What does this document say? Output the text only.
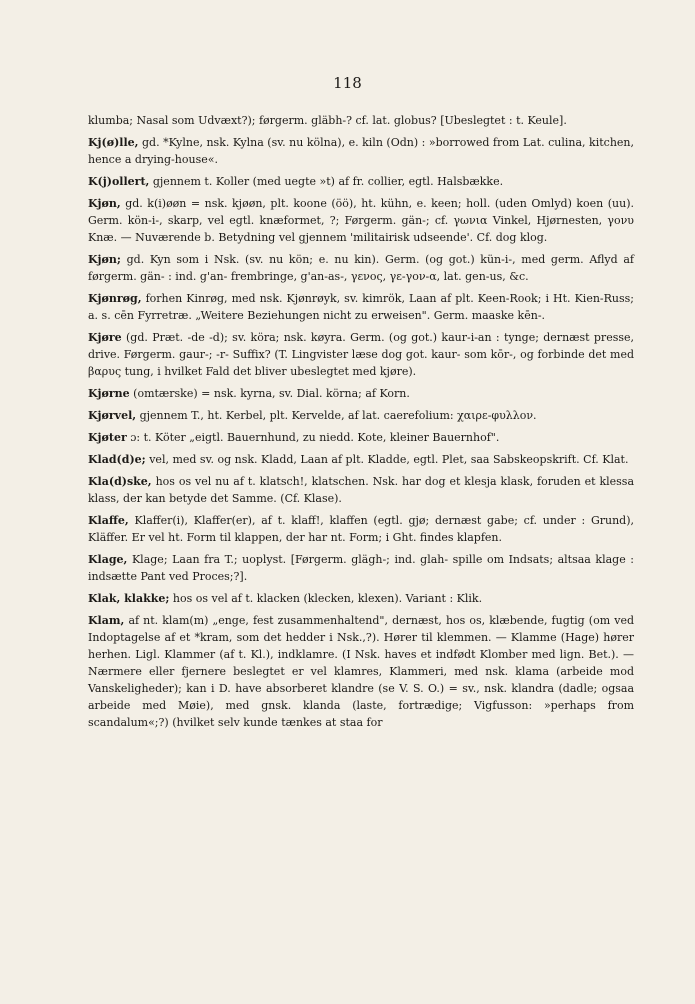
118

klumba; Nasal som Udvæxt?); førgerm. gläbh-? cf. lat. globus? [Ubeslegtet : t. Keule].

Kj(ø)lle, gd. *Kylne, nsk. Kylna (sv. nu kölna), e. kiln (Odn) : »borrowed from Lat. culina, kitchen, hence a drying-house«.

K(j)ollert, gjennem t. Koller (med uegte »t) af fr. collier, egtl. Halsbække.

Kjøn, gd. k(i)øøn = nsk. kjøøn, plt. koone (öö), ht. kühn, e. keen; holl. (uden Omlyd) koen (uu). Germ. kön-i-, skarp, vel egtl. knæformet, ?; Førgerm. gän-; cf. γωνια Vinkel, Hjørnesten, γονυ Knæ. — Nuværende b. Betydning vel gjennem 'militairisk udseende'. Cf. dog klog.

Kjøn; gd. Kyn som i Nsk. (sv. nu kön; e. nu kin). Germ. (og got.) kün-i-, med germ. Aflyd af førgerm. gän- : ind. g'an- frembringe, g'an-as-, γενος, γε-γον-α, lat. gen-us, &c.

Kjønrøg, forhen Kinrøg, med nsk. Kjønrøyk, sv. kimrök, Laan af plt. Keen-Rook; i Ht. Kien-Russ; a. s. cēn Fyrretræ. „Weitere Beziehungen nicht zu erweisen". Germ. maaske kēn-.

Kjøre (gd. Præt. -de -d); sv. köra; nsk. køyra. Germ. (og got.) kaur-i-an : tynge; dernæst presse, drive. Førgerm. gaur-; -r- Suffix? (T. Lingvister læse dog got. kaur- som kōr-, og forbinde det med βαρυς tung, i hvilket Fald det bliver ubeslegtet med kjøre).

Kjørne (omtærske) = nsk. kyrna, sv. Dial. körna; af Korn.

Kjørvel, gjennem T., ht. Kerbel, plt. Kervelde, af lat. caerefolium: χαιρε-φυλλον.

Kjøter ɔ: t. Köter „eigtl. Bauernhund, zu niedd. Kote, kleiner Bauernhof".

Klad(d)e; vel, med sv. og nsk. Kladd, Laan af plt. Kladde, egtl. Plet, saa Sabskeopskrift. Cf. Klat.

Kla(d)ske, hos os vel nu af t. klatsch!, klatschen. Nsk. har dog et klesja klask, foruden et klessa klass, der kan betyde det Samme. (Cf. Klase).

Klaffe, Klaffer(i), Klaffer(er), af t. klaff!, klaffen (egtl. gjø; dernæst gabe; cf. under : Grund), Kläffer. Er vel ht. Form til klappen, der har nt. Form; i Ght. findes klapfen.

Klage, Klage; Laan fra T.; uoplyst. [Førgerm. glägh-; ind. glah- spille om Indsats; altsaa klage : indsætte Pant ved Proces;?].

Klak, klakke; hos os vel af t. klacken (klecken, klexen). Variant : Klik.

Klam, af nt. klam(m) „enge, fest zusammenhaltend", dernæst, hos os, klæbende, fugtig (om ved Indoptagelse af et *kram, som det hedder i Nsk.,?). Hører til klemmen. — Klamme (Hage) hører herhen. Ligl. Klammer (af t. Kl.), indklamre. (I Nsk. haves et indfødt Klomber med lign. Bet.). — Nærmere eller fjernere beslegtet er vel klamres, Klammeri, med nsk. klama (arbeide mod Vanskeligheder); kan i D. have absorberet klandre (se V. S. O.) = sv., nsk. klandra (dadle; ogsaa arbeide med Møie), med gnsk. klanda (laste, fortrædige; Vigfusson: »perhaps from scandalum«;?) (hvilket selv kunde tænkes at staa for
